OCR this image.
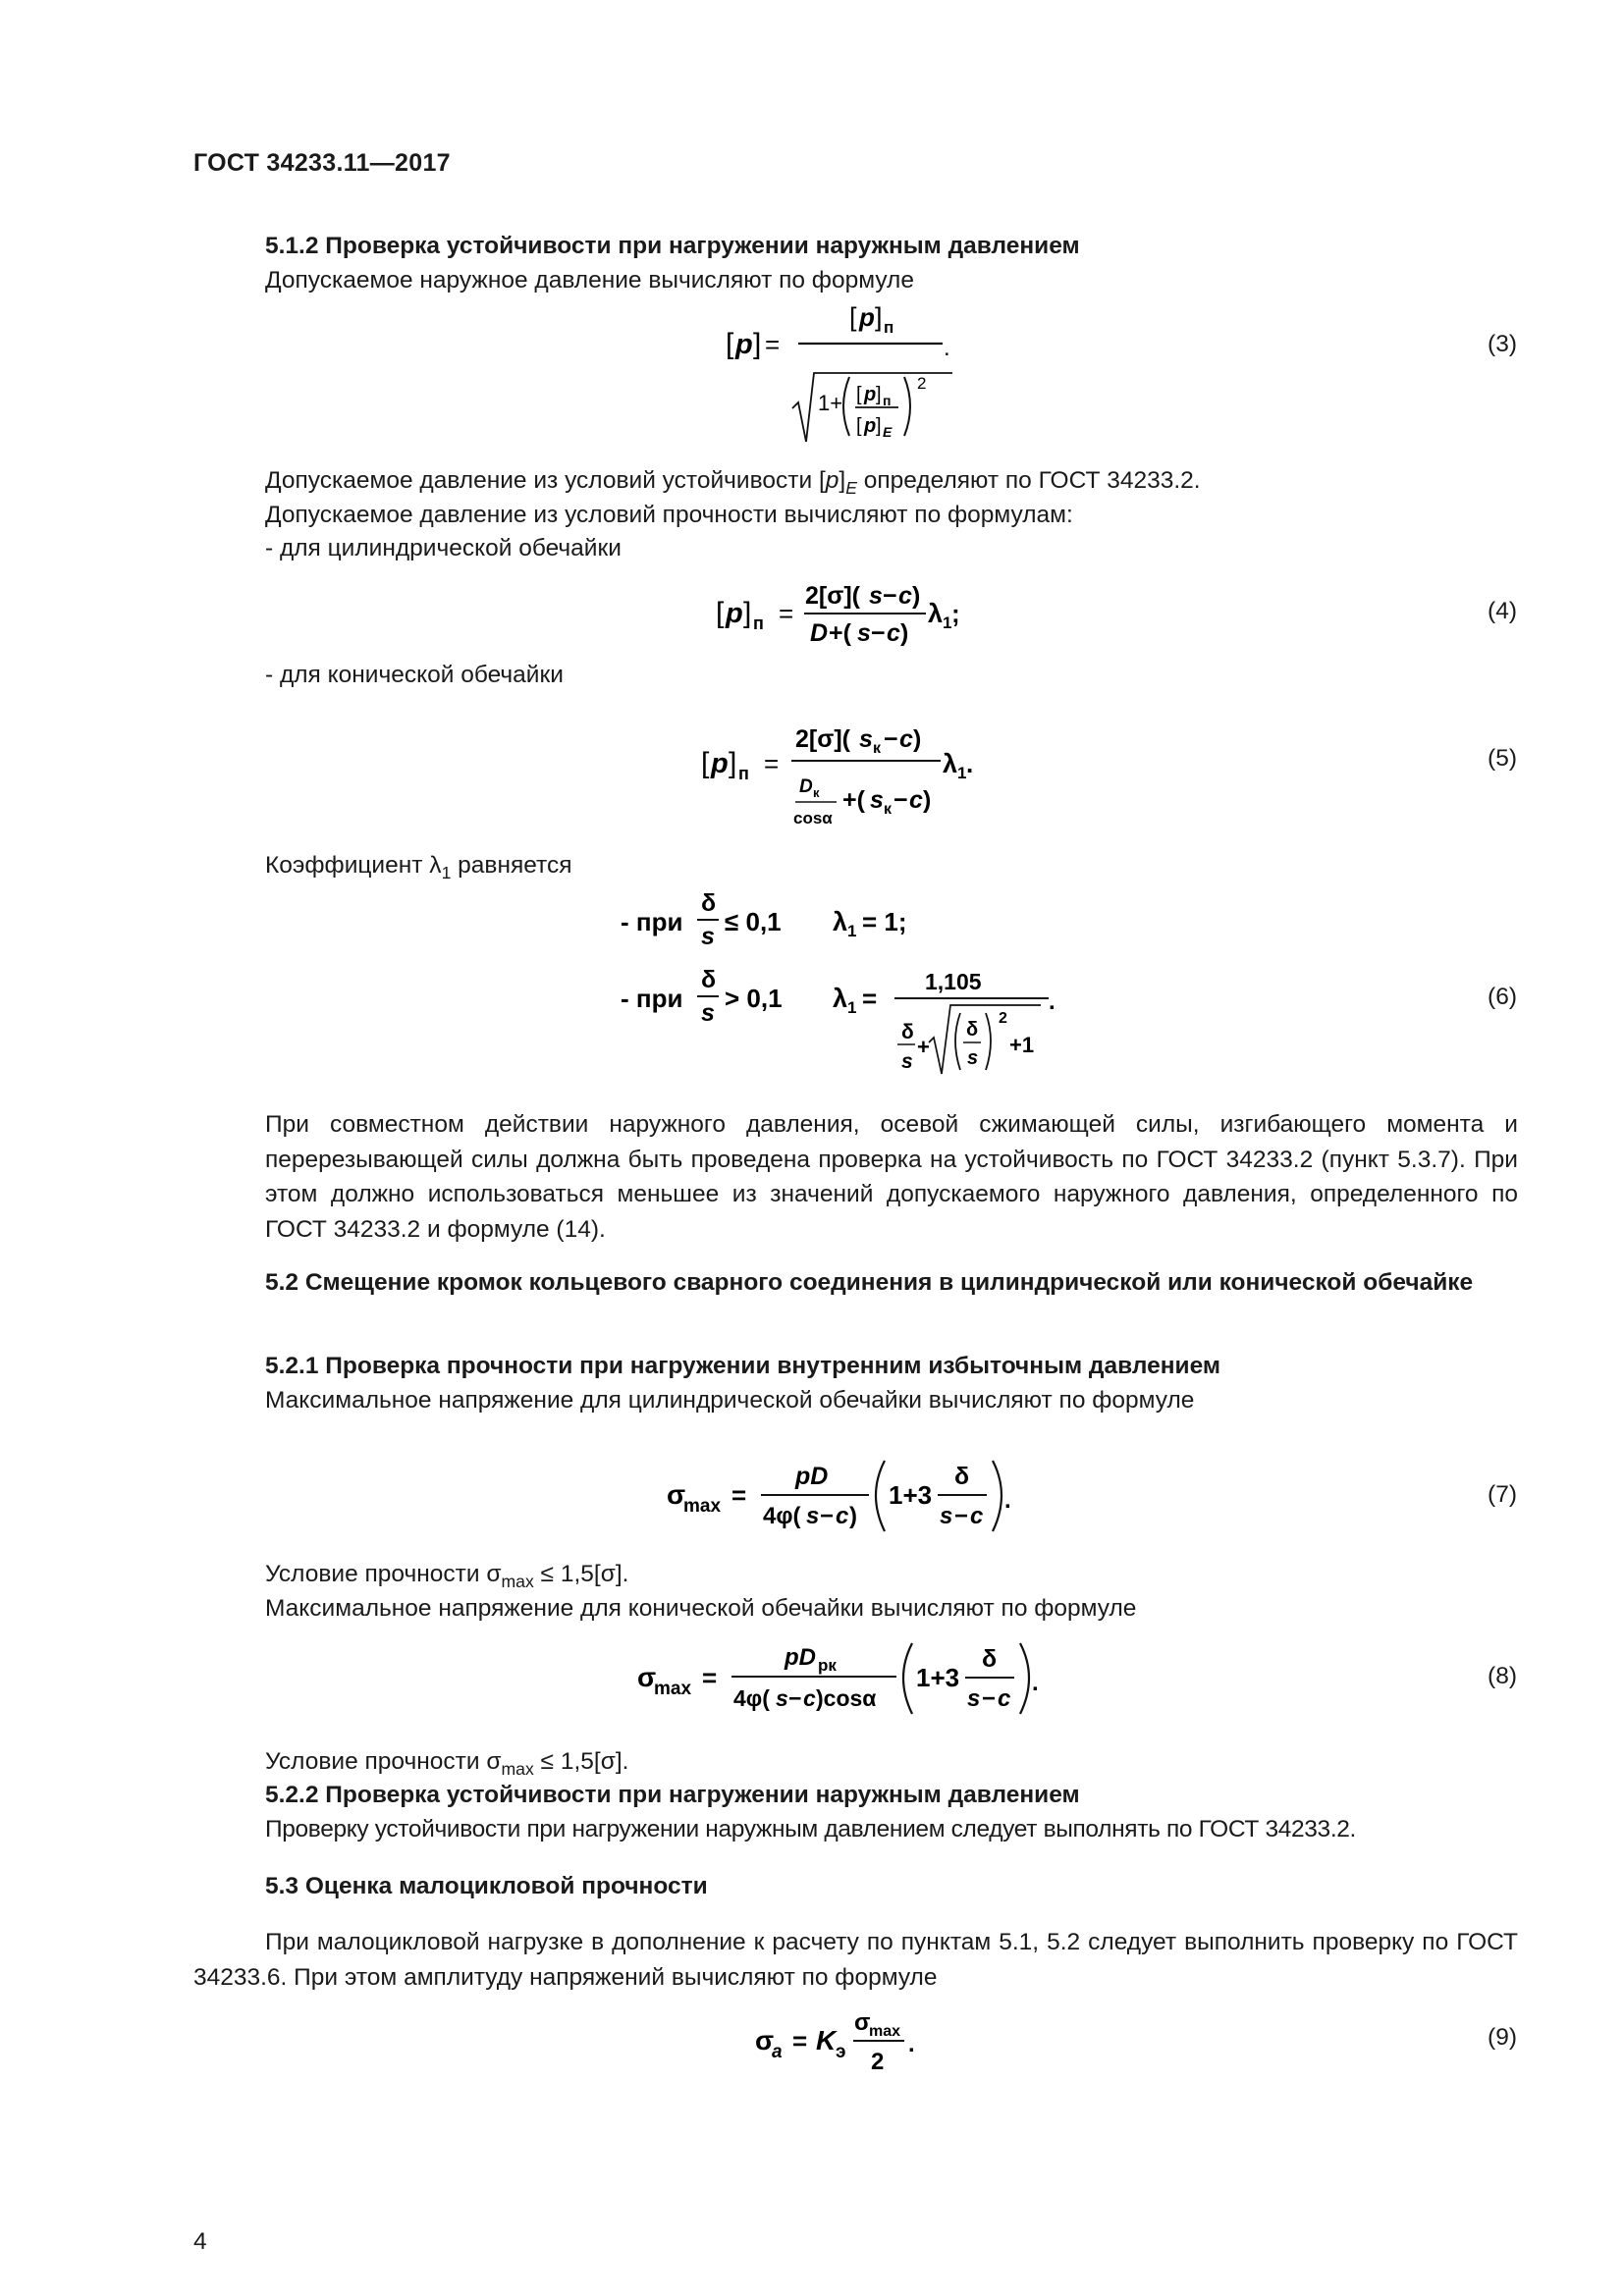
ГОСТ 34233.11—2017
5.1.2 Проверка устойчивости при нагружении наружным давлением
Допускаемое наружное давление вычисляют по формуле
[ p ] =
[ p ] п
1+ [ p ] п
[ p ] E
2
.	(3)
Допускаемое давление из условий устойчивости $[p]_E$ определяют по ГОСТ 34233.2.
Допускаемое давление из условий прочности вычисляют по формулам:
- для цилиндрической обечайки
[ p ] п =
2[σ]( s − c )
D +( s − c )
λ 1 ;	(4)
- для конической обечайки
[ p ] п =
2[σ]( s к − c )
D к
cosα
+( s к − c )
λ 1 .	(5)
Коэффициент $\lambda_1$ равняется
- при
δ
s ≤ 0,1 λ 1 = 1;
- при
δ
s > 0,1 λ 1 =
1,105
δ
s
+
δ
s
2
+1
.	(6)
При совместном действии наружного давления, осевой сжимающей силы, изгибающего момента и перерезывающей силы должна быть проведена проверка на устойчивость по ГОСТ 34233.2 (пункт 5.3.7). При этом должно использоваться меньшее из значений допускаемого наружного давления, определенного по ГОСТ 34233.2 и формуле (14).
5.2 Смещение кромок кольцевого сварного соединения в цилиндрической или конической обечайке
5.2.1 Проверка прочности при нагружении внутренним избыточным давлением
Максимальное напряжение для цилиндрической обечайки вычисляют по формуле
σ
max =
pD
4φ( s − c )
1+3
δ
s − c
.	(7)
Условие прочности $\sigma_{max} \le 1,5[\sigma]$.
Максимальное напряжение для конической обечайки вычисляют по формуле
σ
max =
pD рк
4φ( s − c )cosα
1+3
δ
s − c
.	(8)
Условие прочности $\sigma_{max} \le 1,5[\sigma]$.
5.2.2 Проверка устойчивости при нагружении наружным давлением
Проверку устойчивости при нагружении наружным давлением следует выполнять по ГОСТ 34233.2.
5.3 Оценка малоцикловой прочности
При малоцикловой нагрузке в дополнение к расчету по пунктам 5.1, 5.2 следует выполнить проверку по ГОСТ 34233.6. При этом амплитуду напряжений вычисляют по формуле
σ
a = K э
σ
max
2
.	(9)
4
